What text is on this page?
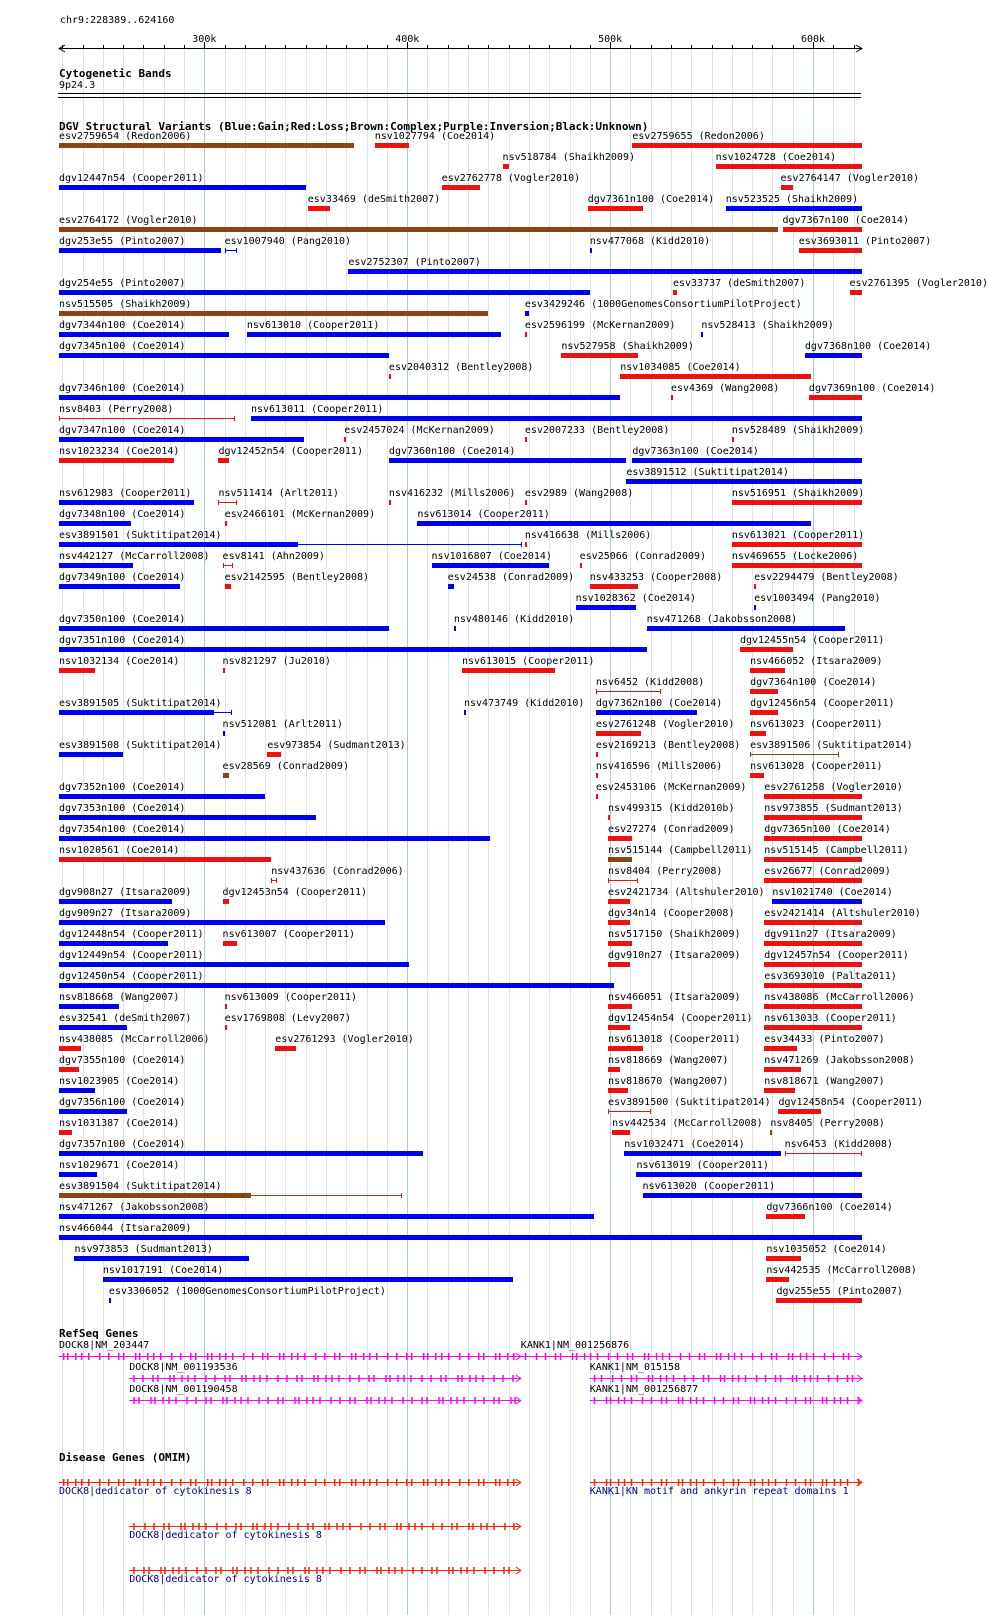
chr9:228389..624160
300k	400k	500k	600k
Cytogenetic Bands
9p24.3
DGV Structural Variants (Blue:Gain;Red:Loss;Brown:Complex;Purple:Inversion;Black:Unknown)
esv2759654 (Redon2006)	nsv1027794 (Coe2014)
nsv518784 (Shaikh2009)
esv2759655 (Redon2006)
dgv12447n54 (Cooper2011)
esv33469 (deSmith2007)
esv2762778 (Vogler2010)
dgv7361n100 (Coe2014)
nsv1024728 (Coe2014)
esv2764172 (Vogler2010)
esv2764147 (Vogler2010)
dgv253e55 (Pinto2007)	esv1007940 (Pang2010)
esv2752307 (Pinto2007)
dgv254e55 (Pinto2007)
nsv477068 (Kidd2010)
nsv523525 (Shaikh2009)
nsv515505 (Shaikh2009)	esv3429246 (1000GenomesConsortiumPilotProject)
dgv7367n100 (Coe2014)
dgv7344n100 (Coe2014)	nsv613010 (Cooper2011)	esv2596199 (McKernan2009)
esv33737 (deSmith2007)
esv3693011 (Pinto2007)
dgv7345n100 (Coe2014)
esv2040312 (Bentley2008)
nsv527958 (Shaikh2009)
nsv528413 (Shaikh2009)
esv2761395 (Vogler2010)
dgv7346n100 (Coe2014)
nsv1034085 (Coe2014)
nsv8403 (Perry2008)	nsv613011 (Cooper2011)
dgv7347n100 (Coe2014)	esv2457024 (McKernan2009)	esv2007233 (Bentley2008)
esv4369 (Wang2008)
dgv7368n100 (Coe2014)
nsv1023234 (Coe2014)	dgv12452n54 (Cooper2011)	dgv7360n100 (Coe2014)
esv3891512 (Suktitipat2014)
nsv612983 (Cooper2011)	nsv511414 (Arlt2011)	nsv416232 (Mills2006) esv2989 (Wang2008)
dgv7363n100 (Coe2014)
dgv7348n100 (Coe2014)	esv2466101 (McKernan2009)	nsv613014 (Cooper2011)
esv3891501 (Suktitipat2014)	nsv416638 (Mills2006)
nsv528489 (Shaikh2009)
nsv442127 (McCarroll2008) esv8141 (Ahn2009)	nsv1016807 (Coe2014)	esv25066 (Conrad2009)
nsv516951 (Shaikh2009)
dgv7349n100 (Coe2014)	esv2142595 (Bentley2008)	esv24538 (Conrad2009)
nsv1028362 (Coe2014)
nsv613021 (Cooper2011)
dgv7350n100 (Coe2014)	nsv480146 (Kidd2010)
nsv433253 (Cooper2008)
nsv469655 (Locke2006)
dgv7351n100 (Coe2014)
nsv471268 (Jakobsson2008)
nsv1032134 (Coe2014)	nsv821297 (Ju2010)	nsv613015 (Cooper2011)
nsv6452 (Kidd2008)
esv2294479 (Bentley2008)
esv3891505 (Suktitipat2014)
nsv512081 (Arlt2011)
nsv473749 (Kidd2010) dgv7362n100 (Coe2014)
esv1003494 (Pang2010)
esv3891508 (Suktitipat2014)
esv28569 (Conrad2009)
esv2761248 (Vogler2010)
dgv12455n54 (Cooper2011)
dgv7352n100 (Coe2014)
esv973854 (Sudmant2013)	esv2169213 (Bentley2008)
nsv466052 (Itsara2009)
dgv7353n100 (Coe2014)
nsv416596 (Mills2006)
dgv7364n100 (Coe2014)
dgv7354n100 (Coe2014)
esv2453106 (McKernan2009)
dgv12456n54 (Cooper2011)
nsv1020561 (Coe2014)
nsv437636 (Conrad2006)
nsv499315 (Kidd2010b)
nsv613023 (Cooper2011)
dgv908n27 (Itsara2009)	dgv12453n54 (Cooper2011)
esv27274 (Conrad2009)
esv3891506 (Suktitipat2014)
dgv909n27 (Itsara2009)
nsv515144 (Campbell2011)
nsv613028 (Cooper2011)
dgv12448n54 (Cooper2011) nsv613007 (Cooper2011)
nsv8404 (Perry2008)
esv2761258 (Vogler2010)
dgv12449n54 (Cooper2011)
esv2421734 (Altshuler2010)
nsv973855 (Sudmant2013)
dgv12450n54 (Cooper2011)
dgv34n14 (Cooper2008)
dgv7365n100 (Coe2014)
nsv818668 (Wang2007)	nsv613009 (Cooper2011)
nsv517150 (Shaikh2009)
nsv515145 (Campbell2011)
esv32541 (deSmith2007)	esv1769808 (Levy2007)
dgv910n27 (Itsara2009)
esv26677 (Conrad2009)
nsv438085 (McCarroll2006)	esv2761293 (Vogler2010)
nsv466051 (Itsara2009)
esv2421414 (Altshuler2010)
dgv7355n100 (Coe2014)
dgv12454n54 (Cooper2011)
dgv911n27 (Itsara2009)
nsv1023905 (Coe2014)
nsv613018 (Cooper2011)
dgv12457n54 (Cooper2011)
dgv7356n100 (Coe2014)
nsv818669 (Wang2007)
esv3693010 (Palta2011)
nsv1031387 (Coe2014)
nsv818670 (Wang2007)
nsv438086 (McCarroll2006)
dgv7357n100 (Coe2014)
esv3891500 (Suktitipat2014)
nsv613033 (Cooper2011)
nsv1029671 (Coe2014)
nsv442534 (McCarroll2008)
esv34433 (Pinto2007)
esv3891504 (Suktitipat2014)
nsv1032471 (Coe2014)
dgv7369n100 (Coe2014)
nsv471267 (Jakobsson2008)
nsv613019 (Cooper2011)
nsv466044 (Itsara2009)
nsv973853 (Sudmant2013)
nsv613020 (Cooper2011)
nsv1017191 (Coe2014)
nsv471269 (Jakobsson2008)
esv3306052 (1000GenomesConsortiumPilotProject)
nsv818671 (Wang2007)
dgv7366n100 (Coe2014)
nsv1035052 (Coe2014)
nsv442535 (McCarroll2008)
nsv1021740 (Coe2014)
nsv8405 (Perry2008)
dgv255e55 (Pinto2007)
dgv12458n54 (Cooper2011)
nsv6453 (Kidd2008)
RefSeq Genes
DOCK8|NM_203447	KANK1|NM_001256876
DOCK8|NM_001193536	KANK1|NM_015158
DOCK8|NM_001190458	KANK1|NM_001256877
Disease Genes (OMIM)
DOCK8|dedicator of cytokinesis 8	KANK1|KN motif and ankyrin repeat domains 1
DOCK8|dedicator of cytokinesis 8
DOCK8|dedicator of cytokinesis 8
